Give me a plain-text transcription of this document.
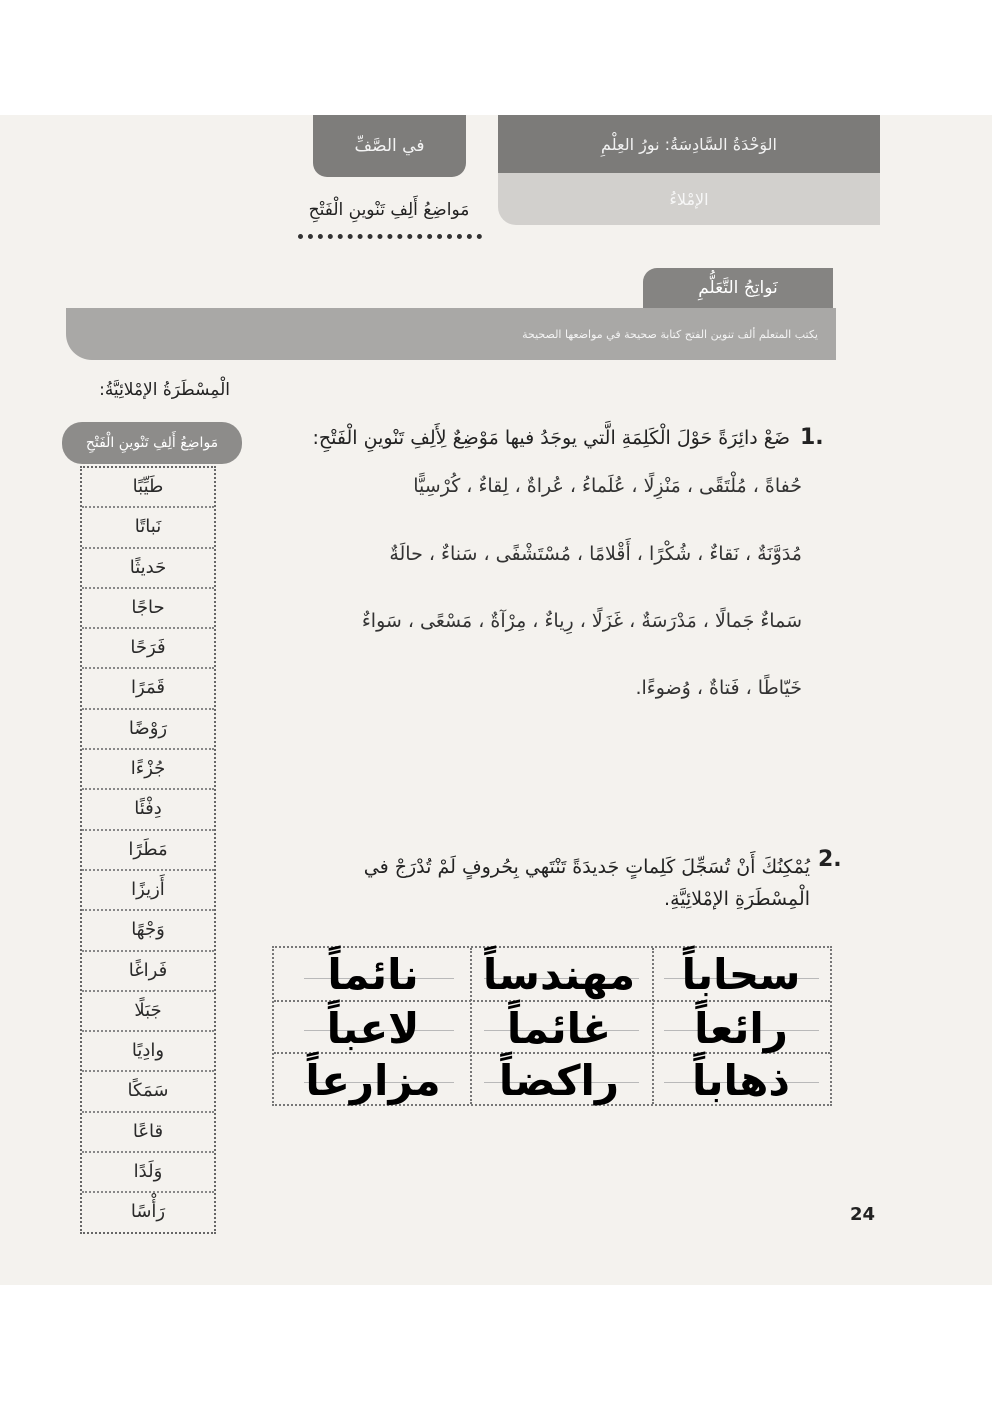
الوَحْدَةُ السَّادِسَةُ: نورُ العِلْمِ
الإمْلاءُ
في الصَّفِّ
مَواضِعُ أَلِفِ تَنْوينِ الْفَتْحِ
نَواتِجُ التَّعَلُّمِ
يكتب المتعلم ألف تنوين الفتح كتابة صحيحة في مواضعها الصحيحة
الْمِسْطَرَةُ الإمْلائِيَّةُ:
مَواضِعُ أَلِفِ تَنْوينِ الْفَتْحِ
طَيِّبًا
نَباتًا
حَديثًا
حاجًا
فَرَحًا
قَمَرًا
رَوْضًا
جُزْءًا
دِفْئًا
مَطَرًا
أَزيزًا
وَجْهًا
فَراغًا
جَبَلًا
وادِيًا
سَمَكًا
قاعًا
وَلَدًا
رَأْسًا
1.
ضَعْ دائِرَةً حَوْلَ الْكَلِمَةِ الَّتي يوجَدُ فيها مَوْضِعٌ لِأَلِفِ تَنْوينِ الْفَتْحِ:
حُفاةً ، مُلْتَقًى ، مَنْزِلًا ، عُلَماءُ ، عُراةٌ ، لِقاءٌ ، كُرْسِيًّا
مُدَوَّنَةٌ ، نَقاءٌ ، شُكْرًا ، أَقْلامًا ، مُسْتَشْفًى ، سَناءٌ ، حالَةٌ
سَماءٌ جَمالًا ، مَدْرَسَةٌ ، غَزَلًا ، رِياءٌ ، مِرْآةٌ ، مَسْعًى ، سَواءٌ
خَيّاطًا ، فَتاةٌ ، وُضوءًا.
2.
يُمْكِنُكَ أَنْ تُسَجِّلَ كَلِماتٍ جَديدَةً تَنْتَهي بِحُروفٍ لَمْ تُدْرَجْ في الْمِسْطَرَةِ الإمْلائِيَّةِ.
سحاباً
مهندساً
نائماً
رائعاً
غائماً
لاعباً
ذهاباً
راكضاً
مزارعاً
24
